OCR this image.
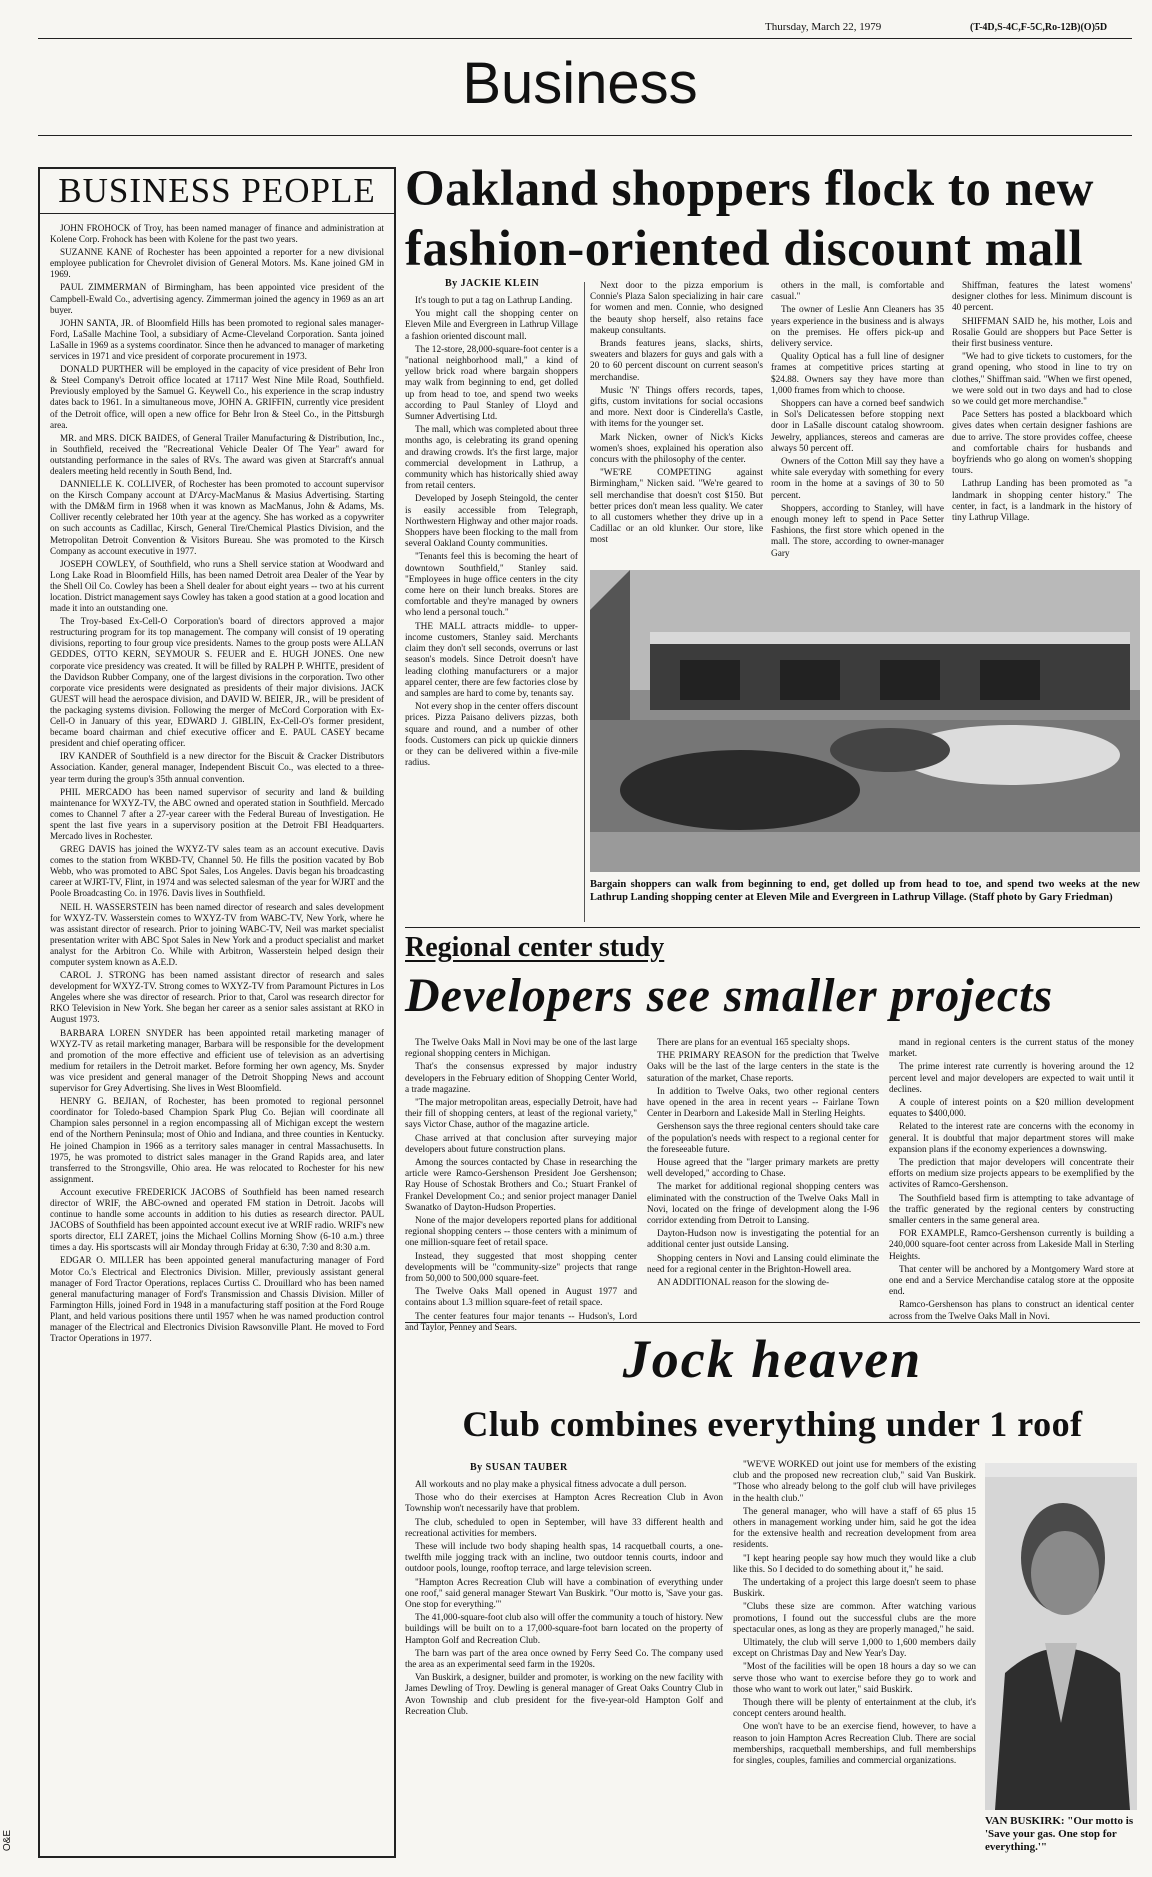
Thursday, March 22, 1979	(T-4D,S-4C,F-5C,Ro-12B)(O)5D
Business
O&E
BUSINESS PEOPLE

JOHN FROHOCK of Troy, has been named manager of finance and administration at Kolene Corp. Frohock has been with Kolene for the past two years.

SUZANNE KANE of Rochester has been appointed a reporter for a new divisional employee publication for Chevrolet division of General Motors. Ms. Kane joined GM in 1969.

PAUL ZIMMERMAN of Birmingham, has been appointed vice president of the Campbell-Ewald Co., advertising agency. Zimmerman joined the agency in 1969 as an art buyer.

JOHN SANTA, JR. of Bloomfield Hills has been promoted to regional sales manager-Ford, LaSalle Machine Tool, a subsidiary of Acme-Cleveland Corporation. Santa joined LaSalle in 1969 as a systems coordinator. Since then he advanced to manager of marketing services in 1971 and vice president of corporate procurement in 1973.

DONALD PURTHER will be employed in the capacity of vice president of Behr Iron & Steel Company's Detroit office located at 17117 West Nine Mile Road, Southfield. Previously employed by the Samuel G. Keywell Co., his experience in the scrap industry dates back to 1961. In a simultaneous move, JOHN A. GRIFFIN, currently vice president of the Detroit office, will open a new office for Behr Iron & Steel Co., in the Pittsburgh area.

MR. and MRS. DICK BAIDES, of General Trailer Manufacturing & Distribution, Inc., in Southfield, received the "Recreational Vehicle Dealer Of The Year" award for outstanding performance in the sales of RVs. The award was given at Starcraft's annual dealers meeting held recently in South Bend, Ind.

DANNIELLE K. COLLIVER, of Rochester has been promoted to account supervisor on the Kirsch Company account at D'Arcy-MacManus & Masius Advertising. Starting with the DM&M firm in 1968 when it was known as MacManus, John & Adams, Ms. Colliver recently celebrated her 10th year at the agency. She has worked as a copywriter on such accounts as Cadillac, Kirsch, General Tire/Chemical Plastics Division, and the Metropolitan Detroit Convention & Visitors Bureau. She was promoted to the Kirsch Company as account executive in 1977.

JOSEPH COWLEY, of Southfield, who runs a Shell service station at Woodward and Long Lake Road in Bloomfield Hills, has been named Detroit area Dealer of the Year by the Shell Oil Co. Cowley has been a Shell dealer for about eight years -- two at his current location. District management says Cowley has taken a good station at a good location and made it into an outstanding one.

The Troy-based Ex-Cell-O Corporation's board of directors approved a major restructuring program for its top management. The company will consist of 19 operating divisions, reporting to four group vice presidents. Names to the group posts were ALLAN GEDDES, OTTO KERN, SEYMOUR S. FEUER and E. HUGH JONES. One new corporate vice presidency was created. It will be filled by RALPH P. WHITE, president of the Davidson Rubber Company, one of the largest divisions in the corporation. Two other corporate vice presidents were designated as presidents of their major divisions. JACK GUEST will head the aerospace division, and DAVID W. BEIER, JR., will be president of the packaging systems division. Following the merger of McCord Corporation with Ex-Cell-O in January of this year, EDWARD J. GIBLIN, Ex-Cell-O's former president, became board chairman and chief executive officer and E. PAUL CASEY became president and chief operating officer.

IRV KANDER of Southfield is a new director for the Biscuit & Cracker Distributors Association. Kander, general manager, Independent Biscuit Co., was elected to a three-year term during the group's 35th annual convention.

PHIL MERCADO has been named supervisor of security and land & building maintenance for WXYZ-TV, the ABC owned and operated station in Southfield. Mercado comes to Channel 7 after a 27-year career with the Federal Bureau of Investigation. He spent the last five years in a supervisory position at the Detroit FBI Headquarters. Mercado lives in Rochester.

GREG DAVIS has joined the WXYZ-TV sales team as an account executive. Davis comes to the station from WKBD-TV, Channel 50. He fills the position vacated by Bob Webb, who was promoted to ABC Spot Sales, Los Angeles. Davis began his broadcasting career at WJRT-TV, Flint, in 1974 and was selected salesman of the year for WJRT and the Poole Broadcasting Co. in 1976. Davis lives in Southfield.

NEIL H. WASSERSTEIN has been named director of research and sales development for WXYZ-TV. Wasserstein comes to WXYZ-TV from WABC-TV, New York, where he was assistant director of research. Prior to joining WABC-TV, Neil was market specialist presentation writer with ABC Spot Sales in New York and a product specialist and market analyst for the Arbitron Co. While with Arbitron, Wasserstein helped design their computer system known as A.E.D.

CAROL J. STRONG has been named assistant director of research and sales development for WXYZ-TV. Strong comes to WXYZ-TV from Paramount Pictures in Los Angeles where she was director of research. Prior to that, Carol was research director for RKO Television in New York. She began her career as a senior sales assistant at RKO in August 1973.

BARBARA LOREN SNYDER has been appointed retail marketing manager of WXYZ-TV as retail marketing manager, Barbara will be responsible for the development and promotion of the more effective and efficient use of television as an advertising medium for retailers in the Detroit market. Before forming her own agency, Ms. Snyder was vice president and general manager of the Detroit Shopping News and account supervisor for Grey Advertising. She lives in West Bloomfield.

HENRY G. BEJIAN, of Rochester, has been promoted to regional personnel coordinator for Toledo-based Champion Spark Plug Co. Bejian will coordinate all Champion sales personnel in a region encompassing all of Michigan except the western end of the Northern Peninsula; most of Ohio and Indiana, and three counties in Kentucky. He joined Champion in 1966 as a territory sales manager in central Massachusetts. In 1975, he was promoted to district sales manager in the Grand Rapids area, and later transferred to the Strongsville, Ohio area. He was relocated to Rochester for his new assignment.

Account executive FREDERICK JACOBS of Southfield has been named research director of WRIF, the ABC-owned and operated FM station in Detroit. Jacobs will continue to handle some accounts in addition to his duties as research director. PAUL JACOBS of Southfield has been appointed account execut ive at WRIF radio. WRIF's new sports director, ELI ZARET, joins the Michael Collins Morning Show (6-10 a.m.) three times a day. His sportscasts will air Monday through Friday at 6:30, 7:30 and 8:30 a.m.

EDGAR O. MILLER has been appointed general manufacturing manager of Ford Motor Co.'s Electrical and Electronics Division. Miller, previously assistant general manager of Ford Tractor Operations, replaces Curtiss C. Drouillard who has been named general manufacturing manager of Ford's Transmission and Chassis Division. Miller of Farmington Hills, joined Ford in 1948 in a manufacturing staff position at the Ford Rouge Plant, and held various positions there until 1957 when he was named production control manager of the Electrical and Electronics Division Rawsonville Plant. He moved to Ford Tractor Operations in 1977.

Oakland shoppers flock to new
fashion-oriented discount mall
By JACKIE KLEIN

It's tough to put a tag on Lathrup Landing.

You might call the shopping center on Eleven Mile and Evergreen in Lathrup Village a fashion oriented discount mall.

The 12-store, 28,000-square-foot center is a "national neighborhood mall," a kind of yellow brick road where bargain shoppers may walk from beginning to end, get dolled up from head to toe, and spend two weeks according to Paul Stanley of Lloyd and Sumner Advertising Ltd.

The mall, which was completed about three months ago, is celebrating its grand opening and drawing crowds. It's the first large, major commercial development in Lathrup, a community which has historically shied away from retail centers.

Developed by Joseph Steingold, the center is easily accessible from Telegraph, Northwestern Highway and other major roads. Shoppers have been flocking to the mall from several Oakland County communities.

"Tenants feel this is becoming the heart of downtown Southfield," Stanley said. "Employees in huge office centers in the city come here on their lunch breaks. Stores are comfortable and they're managed by owners who lend a personal touch."

THE MALL attracts middle- to upper-income customers, Stanley said. Merchants claim they don't sell seconds, overruns or last season's models. Since Detroit doesn't have leading clothing manufacturers or a major apparel center, there are few factories close by and samples are hard to come by, tenants say.

Not every shop in the center offers discount prices. Pizza Paisano delivers pizzas, both square and round, and a number of other foods. Customers can pick up quickie dinners or they can be delivered within a five-mile radius.

Next door to the pizza emporium is Connie's Plaza Salon specializing in hair care for women and men. Connie, who designed the beauty shop herself, also retains face makeup consultants.

Brands features jeans, slacks, shirts, sweaters and blazers for guys and gals with a 20 to 60 percent discount on current season's merchandise.

Music 'N' Things offers records, tapes, gifts, custom invitations for social occasions and more. Next door is Cinderella's Castle, with items for the younger set.

Mark Nicken, owner of Nick's Kicks women's shoes, explained his operation also concurs with the philosophy of the center.

"WE'RE COMPETING against Birmingham," Nicken said. "We're geared to sell merchandise that doesn't cost $150. But better prices don't mean less quality. We cater to all customers whether they drive up in a Cadillac or an old klunker. Our store, like most

others in the mall, is comfortable and casual."

The owner of Leslie Ann Cleaners has 35 years experience in the business and is always on the premises. He offers pick-up and delivery service.

Quality Optical has a full line of designer frames at competitive prices starting at $24.88. Owners say they have more than 1,000 frames from which to choose.

Shoppers can have a corned beef sandwich in Sol's Delicatessen before stopping next door in LaSalle discount catalog showroom. Jewelry, appliances, stereos and cameras are always 50 percent off.

Owners of the Cotton Mill say they have a white sale everyday with something for every room in the home at a savings of 30 to 50 percent.

Shoppers, according to Stanley, will have enough money left to spend in Pace Setter Fashions, the first store which opened in the mall. The store, according to owner-manager Gary

Shiffman, features the latest womens' designer clothes for less. Minimum discount is 40 percent.

SHIFFMAN SAID he, his mother, Lois and Rosalie Gould are shoppers but Pace Setter is their first business venture.

"We had to give tickets to customers, for the grand opening, who stood in line to try on clothes," Shiffman said. "When we first opened, we were sold out in two days and had to close so we could get more merchandise."

Pace Setters has posted a blackboard which gives dates when certain designer fashions are due to arrive. The store provides coffee, cheese and comfortable chairs for husbands and boyfriends who go along on women's shopping tours.

Lathrup Landing has been promoted as "a landmark in shopping center history." The center, in fact, is a landmark in the history of tiny Lathrup Village.

Bargain shoppers can walk from beginning to end, get dolled up from head to toe, and spend two weeks at the new Lathrup Landing shopping center at Eleven Mile and Evergreen in Lathrup Village. (Staff photo by Gary Friedman)
Regional center study
Developers see smaller projects

The Twelve Oaks Mall in Novi may be one of the last large regional shopping centers in Michigan.

That's the consensus expressed by major industry developers in the February edition of Shopping Center World, a trade magazine.

"The major metropolitan areas, especially Detroit, have had their fill of shopping centers, at least of the regional variety," says Victor Chase, author of the magazine article.

Chase arrived at that conclusion after surveying major developers about future construction plans.

Among the sources contacted by Chase in researching the article were Ramco-Gershenson President Joe Gershenson; Ray House of Schostak Brothers and Co.; Stuart Frankel of Frankel Development Co.; and senior project manager Daniel Swanatko of Dayton-Hudson Properties.

None of the major developers reported plans for additional regional shopping centers -- those centers with a minimum of one million-square feet of retail space.

Instead, they suggested that most shopping center developments will be "community-size" projects that range from 50,000 to 500,000 square-feet.

The Twelve Oaks Mall opened in August 1977 and contains about 1.3 million square-feet of retail space.

The center features four major tenants -- Hudson's, Lord and Taylor, Penney and Sears.

There are plans for an eventual 165 specialty shops.

THE PRIMARY REASON for the prediction that Twelve Oaks will be the last of the large centers in the state is the saturation of the market, Chase reports.

In addition to Twelve Oaks, two other regional centers have opened in the area in recent years -- Fairlane Town Center in Dearborn and Lakeside Mall in Sterling Heights.

Gershenson says the three regional centers should take care of the population's needs with respect to a regional center for the foreseeable future.

House agreed that the "larger primary markets are pretty well developed," according to Chase.

The market for additional regional shopping centers was eliminated with the construction of the Twelve Oaks Mall in Novi, located on the fringe of development along the I-96 corridor extending from Detroit to Lansing.

Dayton-Hudson now is investigating the potential for an additional center just outside Lansing.

Shopping centers in Novi and Lansing could eliminate the need for a regional center in the Brighton-Howell area.

AN ADDITIONAL reason for the slowing de-

mand in regional centers is the current status of the money market.

The prime interest rate currently is hovering around the 12 percent level and major developers are expected to wait until it declines.

A couple of interest points on a $20 million development equates to $400,000.

Related to the interest rate are concerns with the economy in general. It is doubtful that major department stores will make expansion plans if the economy experiences a downswing.

The prediction that major developers will concentrate their efforts on medium size projects appears to be exemplified by the activites of Ramco-Gershenson.

The Southfield based firm is attempting to take advantage of the traffic generated by the regional centers by constructing smaller centers in the same general area.

FOR EXAMPLE, Ramco-Gershenson currently is building a 240,000 square-foot center across from Lakeside Mall in Sterling Heights.

That center will be anchored by a Montgomery Ward store at one end and a Service Merchandise catalog store at the opposite end.

Ramco-Gershenson has plans to construct an identical center across from the Twelve Oaks Mall in Novi.

Jock heaven
Club combines everything under 1 roof
By SUSAN TAUBER

All workouts and no play make a physical fitness advocate a dull person.

Those who do their exercises at Hampton Acres Recreation Club in Avon Township won't necessarily have that problem.

The club, scheduled to open in September, will have 33 different health and recreational activities for members.

These will include two body shaping health spas, 14 racquetball courts, a one-twelfth mile jogging track with an incline, two outdoor tennis courts, indoor and outdoor pools, lounge, rooftop terrace, and large television screen.

"Hampton Acres Recreation Club will have a combination of everything under one roof," said general manager Stewart Van Buskirk. "Our motto is, 'Save your gas. One stop for everything.'"

The 41,000-square-foot club also will offer the community a touch of history. New buildings will be built on to a 17,000-square-foot barn located on the property of Hampton Golf and Recreation Club.

The barn was part of the area once owned by Ferry Seed Co. The company used the area as an experimental seed farm in the 1920s.

Van Buskirk, a designer, builder and promoter, is working on the new facility with James Dewling of Troy. Dewling is general manager of Great Oaks Country Club in Avon Township and club president for the five-year-old Hampton Golf and Recreation Club.

"WE'VE WORKED out joint use for members of the existing club and the proposed new recreation club," said Van Buskirk. "Those who already belong to the golf club will have privileges in the health club."

The general manager, who will have a staff of 65 plus 15 others in management working under him, said he got the idea for the extensive health and recreation development from area residents.

"I kept hearing people say how much they would like a club like this. So I decided to do something about it," he said.

The undertaking of a project this large doesn't seem to phase Buskirk.

"Clubs these size are common. After watching various promotions, I found out the successful clubs are the more spectacular ones, as long as they are properly managed," he said.

Ultimately, the club will serve 1,000 to 1,600 members daily except on Christmas Day and New Year's Day.

"Most of the facilities will be open 18 hours a day so we can serve those who want to exercise before they go to work and those who want to work out later," said Buskirk.

Though there will be plenty of entertainment at the club, it's concept centers around health.

One won't have to be an exercise fiend, however, to have a reason to join Hampton Acres Recreation Club. There are social memberships, racquetball memberships, and full memberships for singles, couples, families and commercial organizations.

VAN BUSKIRK: "Our motto is 'Save your gas. One stop for everything.'"
